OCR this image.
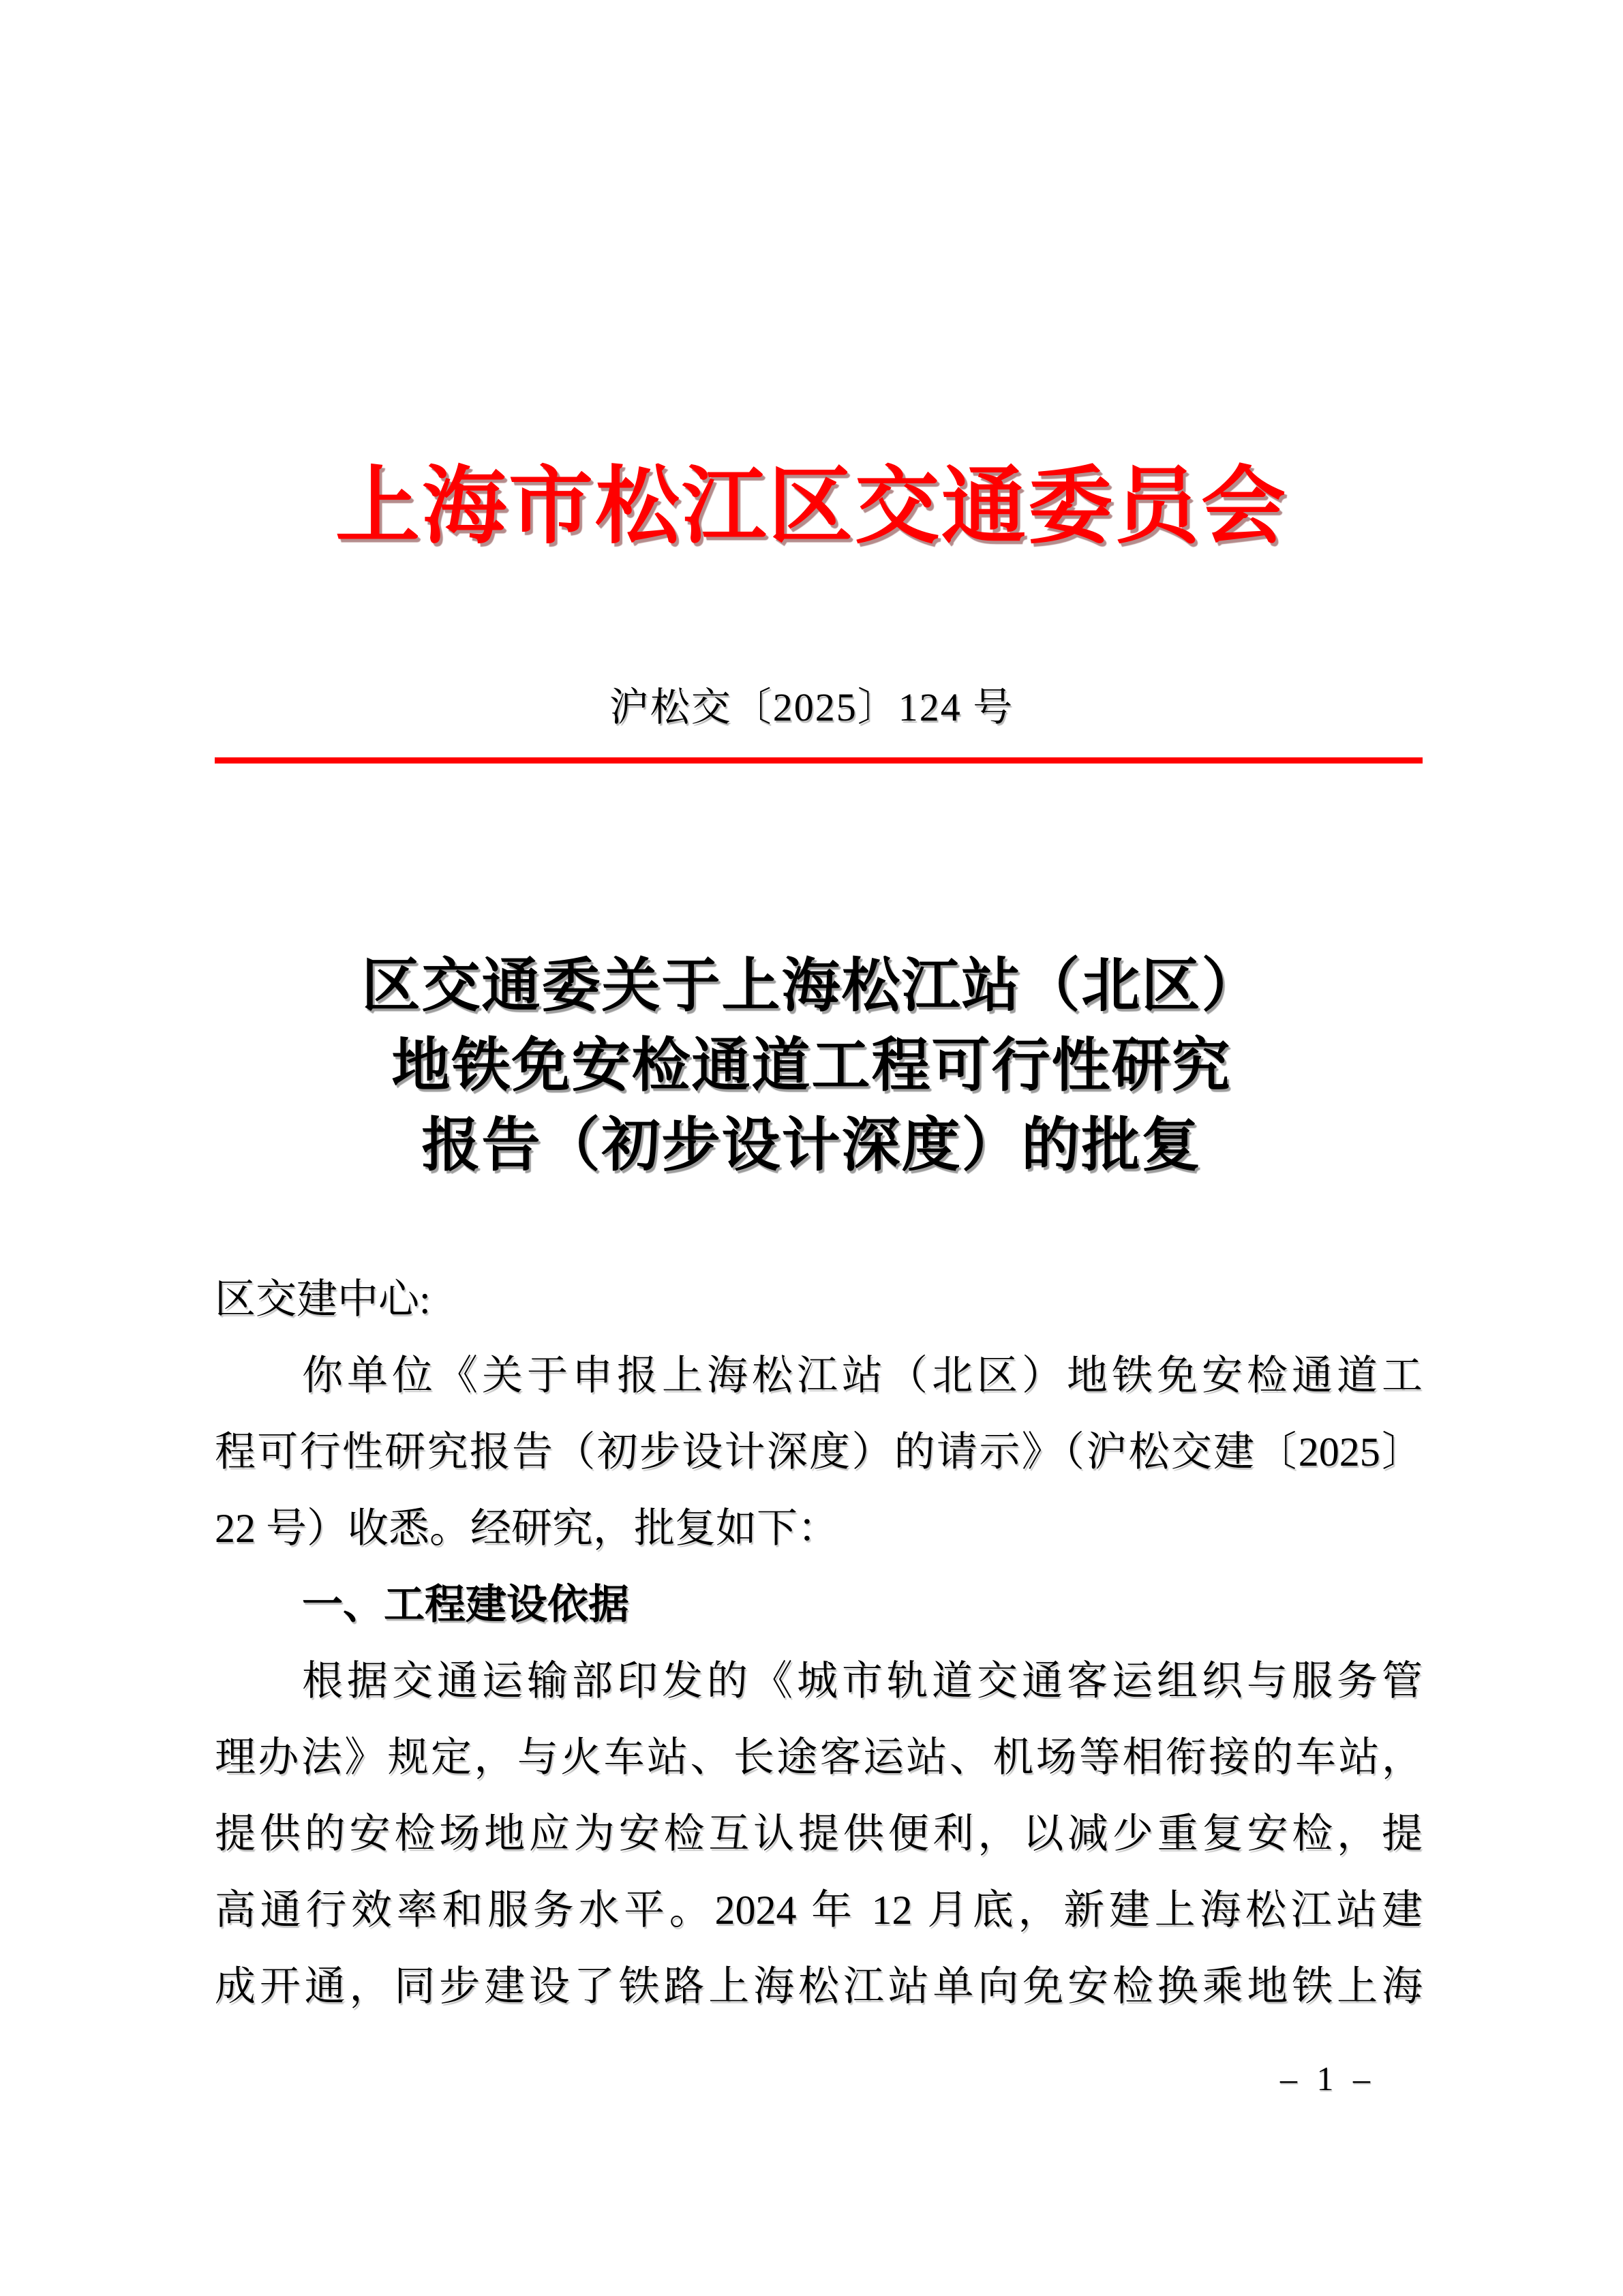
上海市松江区交通委员会
沪松交〔2025〕124 号
区交通委关于上海松江站（北区）
地铁免安检通道工程可行性研究
报告（初步设计深度）的批复
区交建中心:
你单位《关于申报上海松江站（北区）地铁免安检通道工
程可行性研究报告（初步设计深度）的请示》（沪松交建〔2025〕
22 号）收悉。经研究，批复如下：
一、工程建设依据
根据交通运输部印发的《城市轨道交通客运组织与服务管
理办法》规定，与火车站、长途客运站、机场等相衔接的车站，
提供的安检场地应为安检互认提供便利，以减少重复安检，提
高通行效率和服务水平。2024 年 12 月底，新建上海松江站建
成开通，同步建设了铁路上海松江站单向免安检换乘地铁上海
– 1 –
